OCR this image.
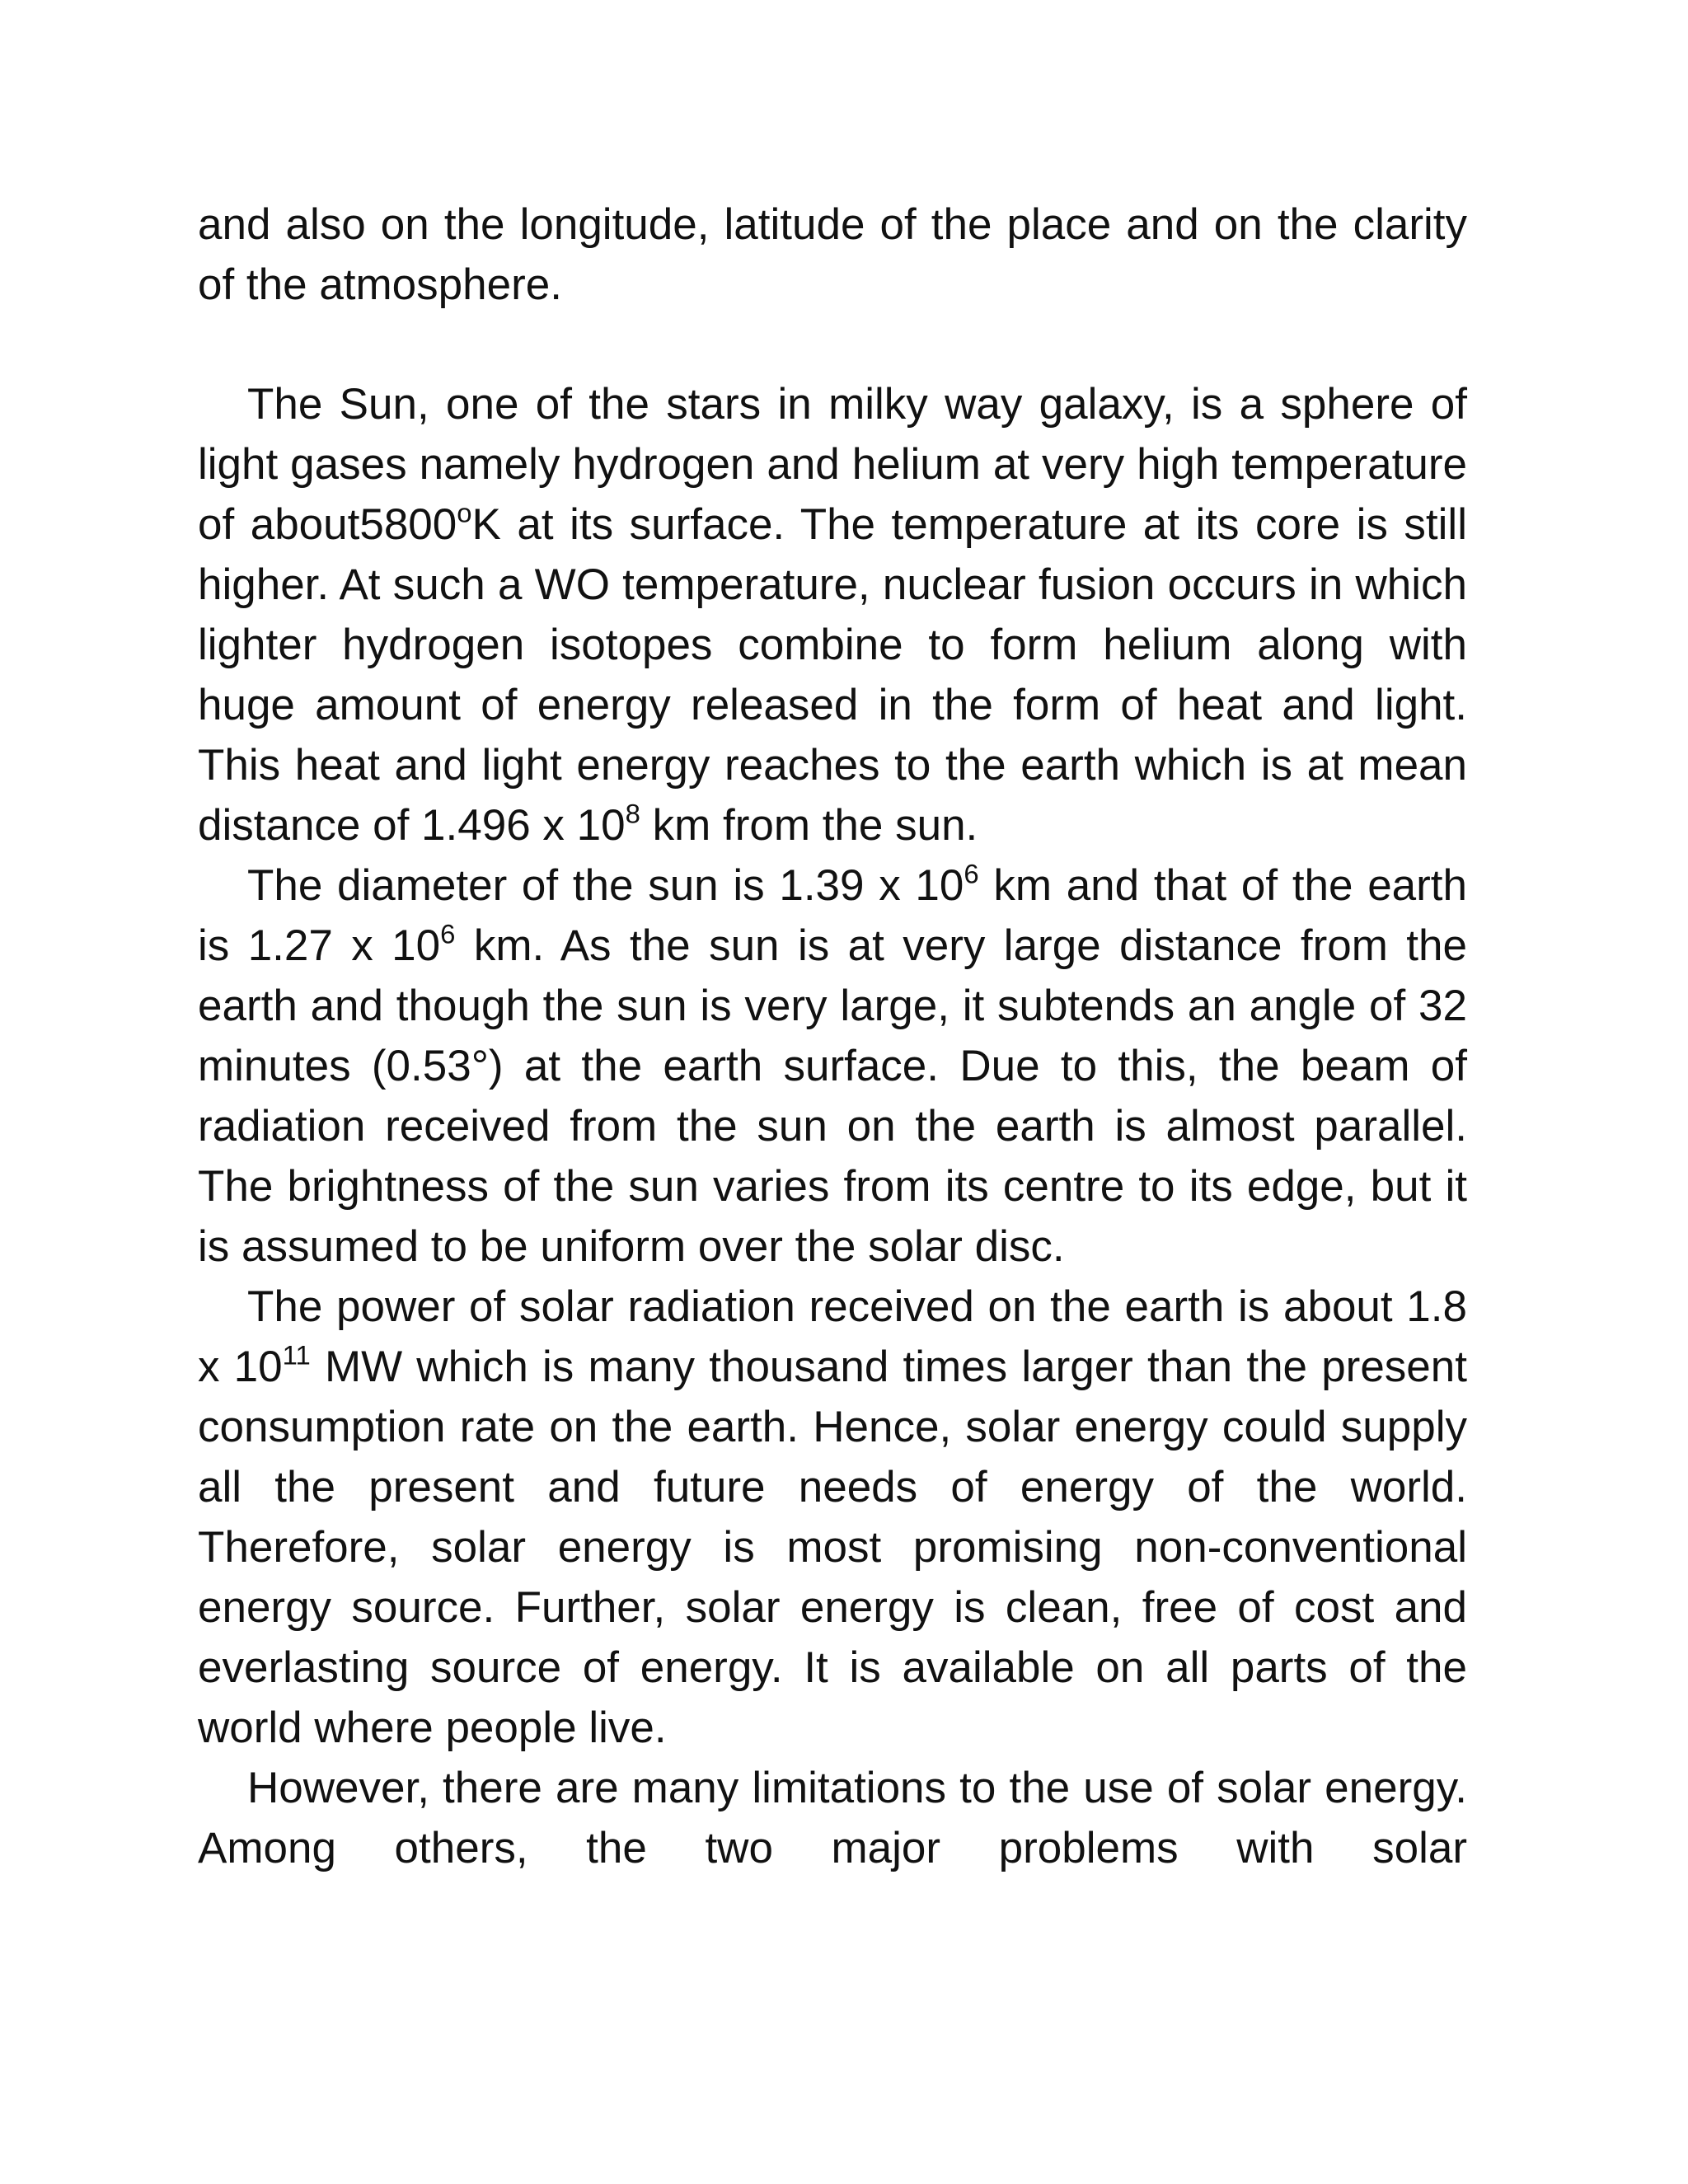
and also on the longitude, latitude of the place and on the clarity of the atmosphere.

The Sun, one of the stars in milky way galaxy, is a sphere of light gases namely hydrogen and helium at very high temperature of about5800$^o$K at its surface. The temperature at its core is still higher. At such a WO temperature, nuclear fusion occurs in which lighter hydrogen isotopes combine to form helium along with huge amount of energy released in the form of heat and light. This heat and light energy reaches to the earth which is at mean distance of 1.496 x $10^8$ km from the sun.

The diameter of the sun is 1.39 x $10^6$ km and that of the earth is 1.27 x $10^6$ km. As the sun is at very large distance from the earth and though the sun is very large, it subtends an angle of 32 minutes (0.53°) at the earth surface. Due to this, the beam of radiation received from the sun on the earth is almost parallel. The brightness of the sun varies from its centre to its edge, but it is assumed to be uniform over the solar disc.

The power of solar radiation received on the earth is about 1.8 x $10^{11}$ MW which is many thousand times larger than the present consumption rate on the earth. Hence, solar energy could supply all the present and future needs of energy of the world. Therefore, solar energy is most promising non-conventional energy source. Further, solar energy is clean, free of cost and everlasting source of energy. It is available on all parts of the world where people live.

However, there are many limitations to the use of solar energy. Among others, the two major problems with solar
